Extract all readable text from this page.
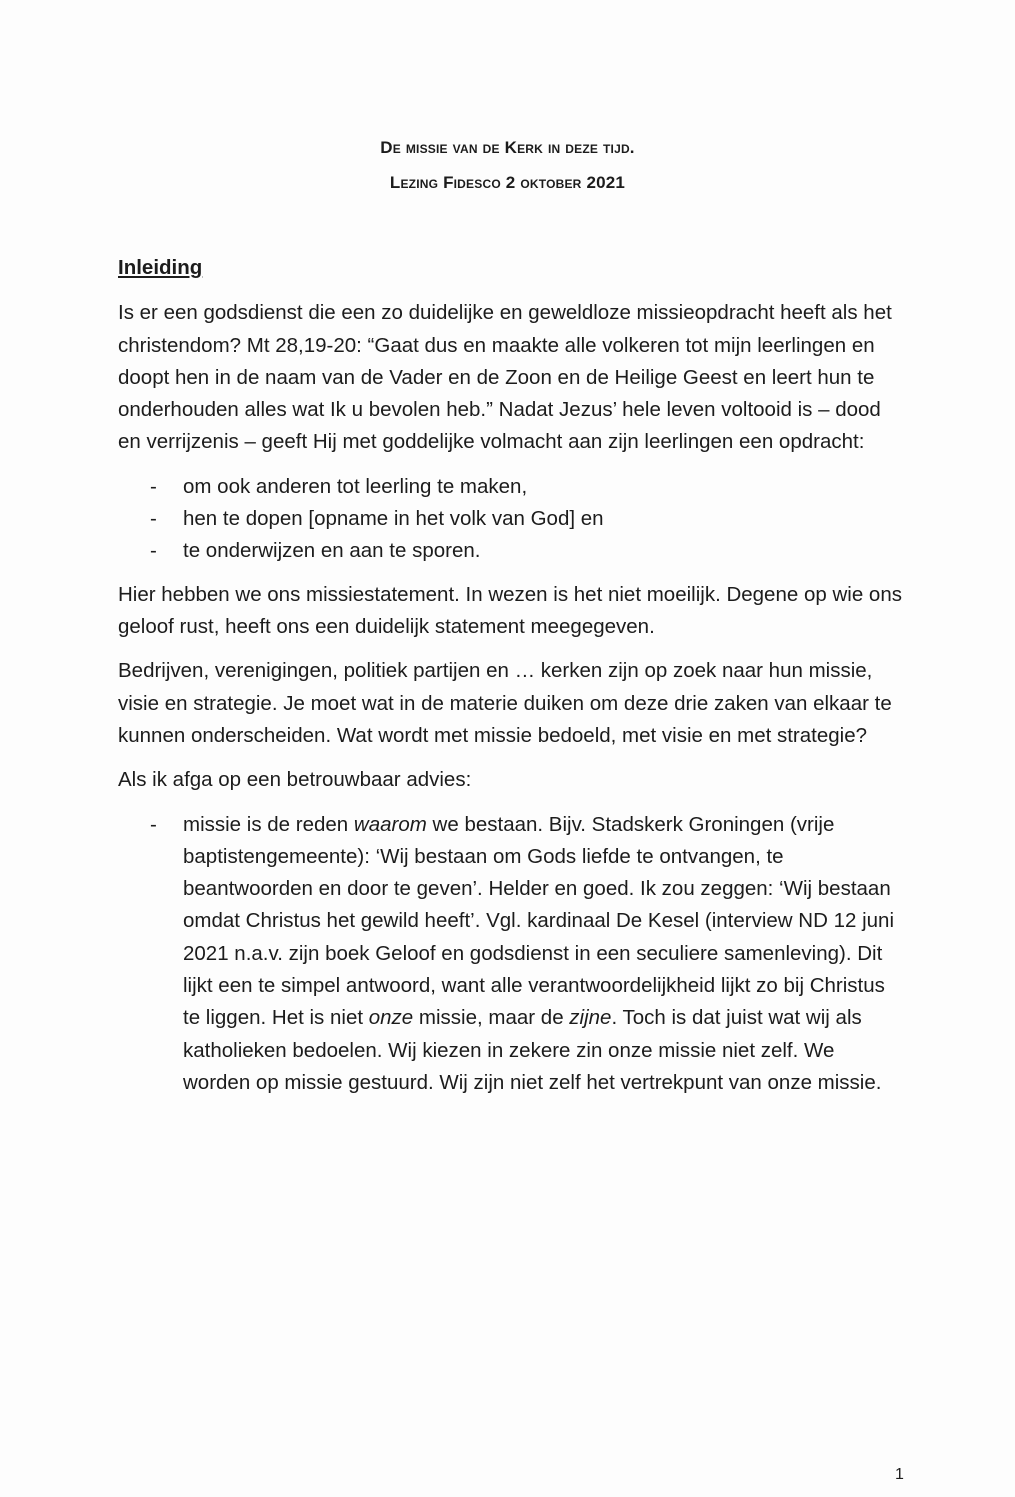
De missie van de Kerk in deze tijd.
Lezing Fidesco 2 oktober 2021
Inleiding

Is er een godsdienst die een zo duidelijke en geweldloze missieopdracht heeft als het christendom? Mt 28,19-20: “Gaat dus en maakte alle volkeren tot mijn leerlingen en doopt hen in de naam van de Vader en de Zoon en de Heilige Geest en leert hun te onderhouden alles wat Ik u bevolen heb.” Nadat Jezus’ hele leven voltooid is – dood en verrijzenis – geeft Hij met goddelijke volmacht aan zijn leerlingen een opdracht:

- om ook anderen tot leerling te maken,
- hen te dopen [opname in het volk van God] en
- te onderwijzen en aan te sporen.

Hier hebben we ons missiestatement. In wezen is het niet moeilijk. Degene op wie ons geloof rust, heeft ons een duidelijk statement meegegeven.

Bedrijven, verenigingen, politiek partijen en … kerken zijn op zoek naar hun missie, visie en strategie. Je moet wat in de materie duiken om deze drie zaken van elkaar te kunnen onderscheiden. Wat wordt met missie bedoeld, met visie en met strategie?

Als ik afga op een betrouwbaar advies:

- missie is de reden waarom we bestaan. Bijv. Stadskerk Groningen (vrije baptistengemeente): ‘Wij bestaan om Gods liefde te ontvangen, te beantwoorden en door te geven’. Helder en goed. Ik zou zeggen: ‘Wij bestaan omdat Christus het gewild heeft’. Vgl. kardinaal De Kesel (interview ND 12 juni 2021 n.a.v. zijn boek Geloof en godsdienst in een seculiere samenleving). Dit lijkt een te simpel antwoord, want alle verantwoordelijkheid lijkt zo bij Christus te liggen. Het is niet onze missie, maar de zijne. Toch is dat juist wat wij als katholieken bedoelen. Wij kiezen in zekere zin onze missie niet zelf. We worden op missie gestuurd. Wij zijn niet zelf het vertrekpunt van onze missie.
1
